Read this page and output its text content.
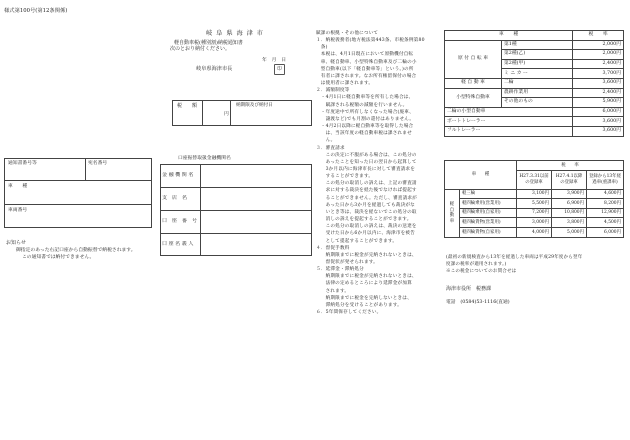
様式第100号(第12条関係)
岐 阜 県 海 津 市
軽自動車税(種別割)納税通知書
次のとおり納付ください。
年　月　日
岐阜県海津市長	印
税　　額
円
納期限及び納付日
通知書番号等	宛名番号
車　　種
車両番号
口座振替取扱金融機関名
金 融 機 関 名
支　店　名
口　座　番　号
口 座 名 義 人
お知らせ
御指定のあった右記口座から自動振替で納税されます。
この通知書では納付できません。
賦課の根拠・その他について
１．納税義務者(地方税法第443条、市税条例第80
　条)
　本税は、4月1日現在において原動機付自転
　車、軽自動車、小型特殊自動車及び二輪の小
　型自動車(以下「軽自動車等」という。)の所
　有者に課されます。なお所有権留保付の場合
　は使用者に課されます。
２．減額制度等
　・4月1日に軽自動車等を所有した場合は、
　　賦課される税額の減額を行いません。
　・年度途中で所有しなくなった場合(廃車、
　　譲渡など)でも月割の還付はありません。
　・4月2日以降に軽自動車等を取得した場合
　　は、当該年度の軽自動車税は課されませ
　　ん。
３．審査請求
　　この決定に不服がある場合は、この処分の
　　あったことを知った日の翌日から起算して
　　3か月以内に海津市長に対して審査請求を
　　することができます。
　　この処分の取消しの訴えは、上記の審査請
　　求に対する裁決を経た後でなければ提起す
　　ることができません。ただし、審査請求が
　　あった日から3か月を経過しても裁決がな
　　いとき等は、裁決を経ないでこの処分の取
　　消しの訴えを提起することができます。
　　この処分の取消しの訴えは、裁決の送達を
　　受けた日から6か月以内に、海津市を被告
　　として提起することができます。
４．督促手数料
　　納期限までに税金が完納されないときは、
　　督促状が発せられます。
５．延滞金・滞納処分
　　納期限までに税金が完納されないときは、
　　法律の定めるところにより延滞金が加算
　　されます。
　　納期限までに税金を完納しないときは、
　　滞納処分を受けることがあります。
６．5年間保存してください。
車　　種		税　　率
原 付 自 転 車	第1種	2,000円
	第2種(乙)	2,000円
	第2種(甲)	2,400円
	ミ ニ カ ー	3,700円
軽 自 動 車	二輪	3,600円
小型特殊自動車	農耕作業用	2,400円
	その他のもの	5,900円
二輪の小型自動車		6,000円
ボートトレーラー		3,600円
フルトレーラー		3,600円
車　　種		税　　率		
		H27.3.31以前の登録車	H27.4.1以降の登録車	登録から13年経過車(重課車)
軽 自 動 車	軽三輪	3,100円	3,900円	4,600円
	軽四輪乗用(営業用)	5,500円	6,900円	8,200円
	軽四輪乗用(自家用)	7,200円	10,800円	12,900円
	軽四輪貨物(営業用)	3,000円	3,800円	4,500円
	軽四輪貨物(自家用)	4,000円	5,000円	6,000円
(最初の新規検査から13年を経過した車両は平成29年度から翌年
度課の税率が適用されます。)
※この税金についてのお問合せは
海津市役所　税務課
電話　(0584)53-1116(直通)
